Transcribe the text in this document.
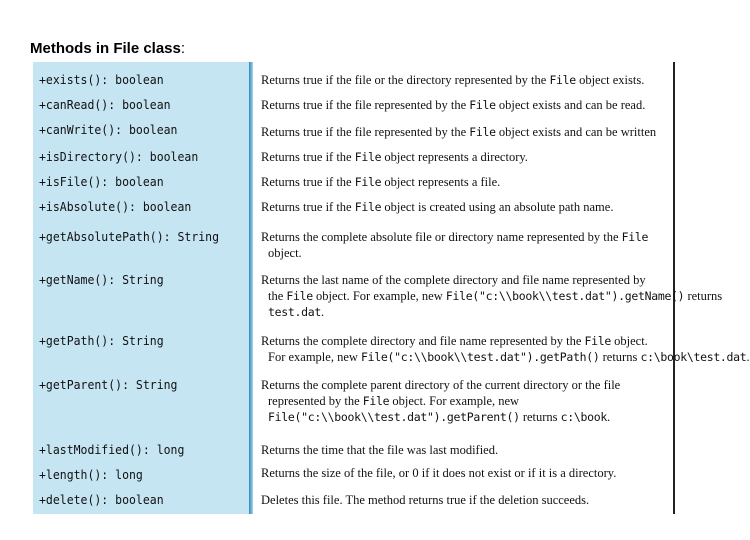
Methods in File class:
+exists(): boolean	Returns true if the file or the directory represented by the File object exists.
+canRead(): boolean	Returns true if the file represented by the File object exists and can be read.
+canWrite(): boolean	Returns true if the file represented by the File object exists and can be written
+isDirectory(): boolean	Returns true if the File object represents a directory.
+isFile(): boolean	Returns true if the File object represents a file.
+isAbsolute(): boolean	Returns true if the File object is created using an absolute path name.
+getAbsolutePath(): String	Returns the complete absolute file or directory name represented by the File
object.
+getName(): String	Returns the last name of the complete directory and file name represented by
the File object. For example, new File("c:\\book\\test.dat").getName() returns
test.dat.
+getPath(): String	Returns the complete directory and file name represented by the File object.
For example, new File("c:\\book\\test.dat").getPath() returns c:\book\test.dat.
+getParent(): String	Returns the complete parent directory of the current directory or the file
represented by the File object. For example, new
File("c:\\book\\test.dat").getParent() returns c:\book.
+lastModified(): long	Returns the time that the file was last modified.
+length(): long	Returns the size of the file, or 0 if it does not exist or if it is a directory.
+delete(): boolean	Deletes this file. The method returns true if the deletion succeeds.
